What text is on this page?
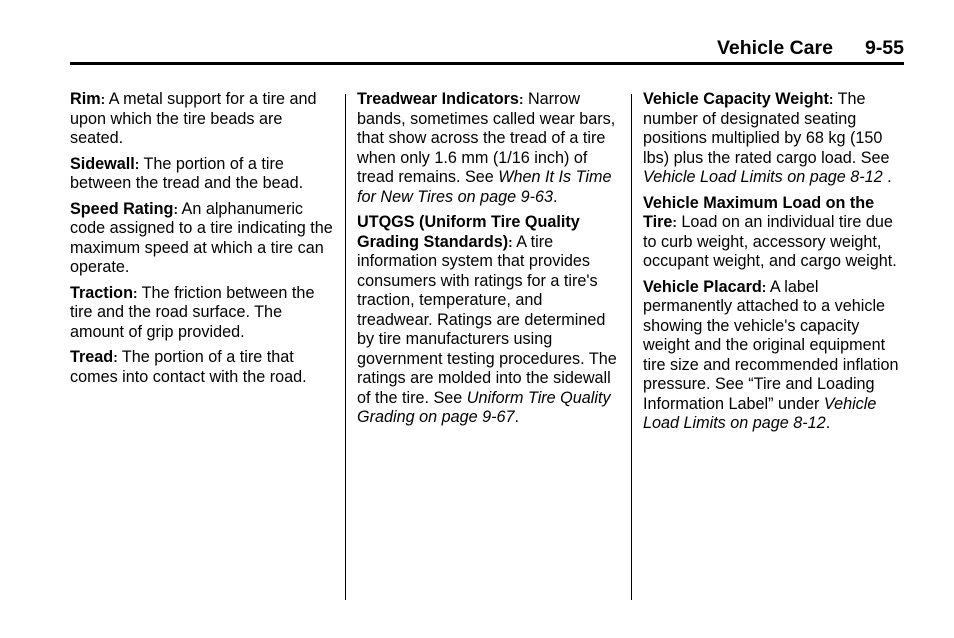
Vehicle Care 9-55

Rim: A metal support for a tire and upon which the tire beads are seated.

Sidewall: The portion of a tire between the tread and the bead.

Speed Rating: An alphanumeric code assigned to a tire indicating the maximum speed at which a tire can operate.

Traction: The friction between the tire and the road surface. The amount of grip provided.

Tread: The portion of a tire that comes into contact with the road.

Treadwear Indicators: Narrow bands, sometimes called wear bars, that show across the tread of a tire when only 1.6 mm (1/16 inch) of tread remains. See When It Is Time for New Tires on page 9-63.

UTQGS (Uniform Tire Quality Grading Standards): A tire information system that provides consumers with ratings for a tire's traction, temperature, and treadwear. Ratings are determined by tire manufacturers using government testing procedures. The ratings are molded into the sidewall of the tire. See Uniform Tire Quality Grading on page 9-67.

Vehicle Capacity Weight: The number of designated seating positions multiplied by 68 kg (150 lbs) plus the rated cargo load. See Vehicle Load Limits on page 8-12 .

Vehicle Maximum Load on the Tire: Load on an individual tire due to curb weight, accessory weight, occupant weight, and cargo weight.

Vehicle Placard: A label permanently attached to a vehicle showing the vehicle's capacity weight and the original equipment tire size and recommended inflation pressure. See “Tire and Loading Information Label” under Vehicle Load Limits on page 8-12.
